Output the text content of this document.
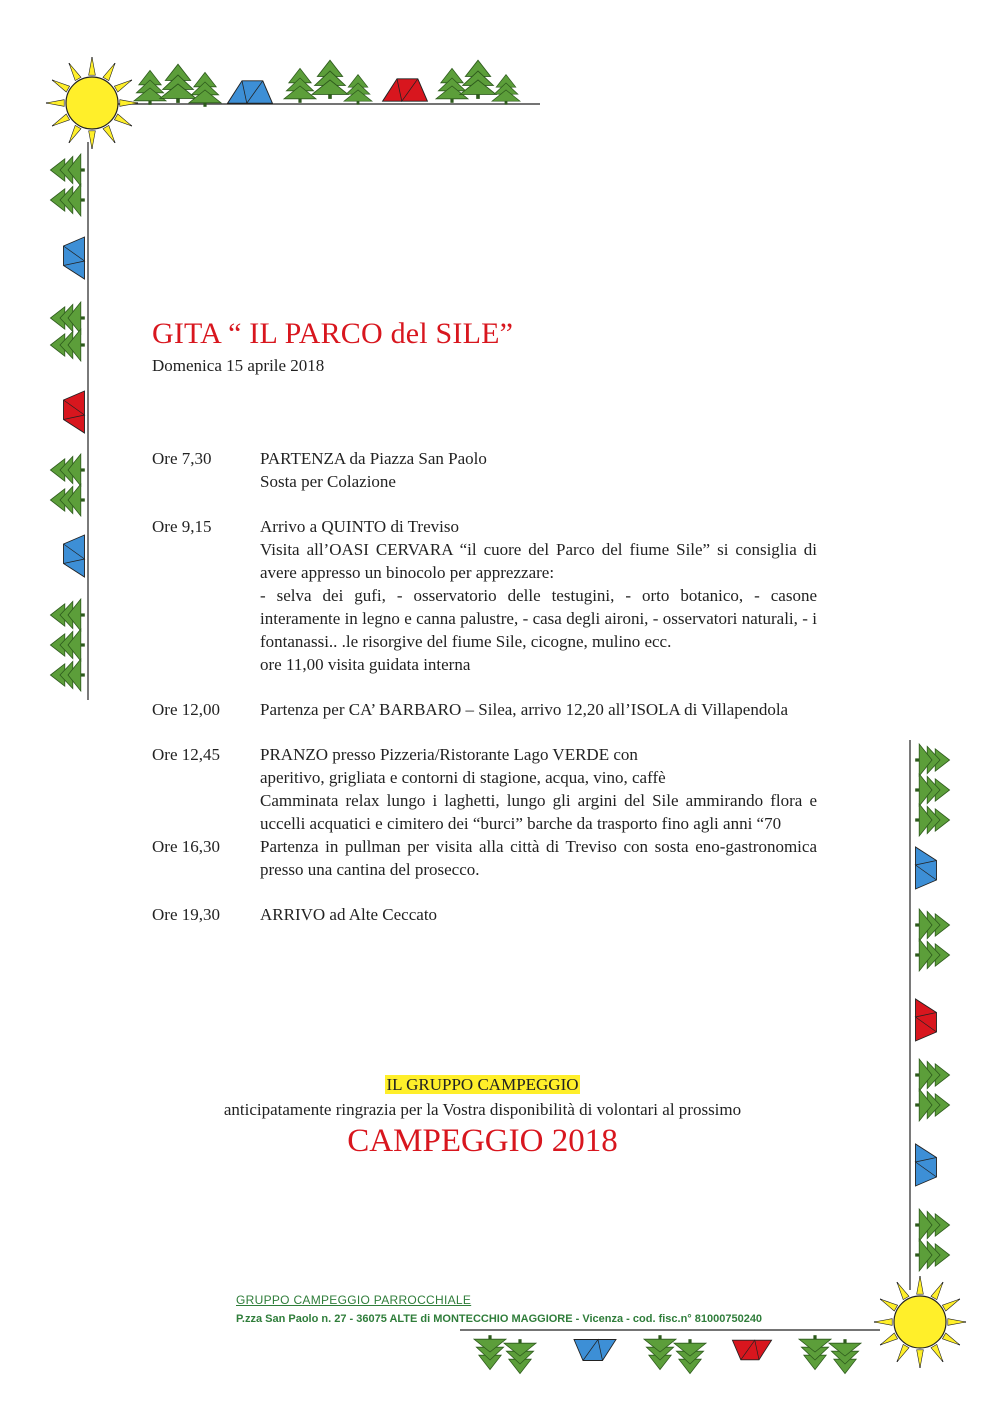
GITA “ IL PARCO del SILE”
Domenica 15 aprile 2018
Ore 7,30	PARTENZA da Piazza San Paolo
Sosta per Colazione
Ore 9,15	Arrivo a QUINTO di Treviso
Visita all’OASI CERVARA “il cuore del Parco del fiume Sile” si consiglia di avere appresso un binocolo per apprezzare:
- selva dei gufi, - osservatorio delle testugini, - orto botanico, - casone interamente in legno e canna palustre, - casa degli aironi, - osservatori naturali, - i fontanassi.. .le risorgive del fiume Sile, cicogne, mulino ecc.
ore 11,00 visita guidata interna
Ore 12,00	Partenza per CA’ BARBARO – Silea, arrivo 12,20 all’ISOLA di Villapendola
Ore 12,45	PRANZO presso Pizzeria/Ristorante Lago VERDE con
aperitivo, grigliata e contorni di stagione, acqua, vino, caffè
Camminata relax lungo i laghetti, lungo gli argini del Sile ammirando flora e uccelli acquatici e cimitero dei “burci” barche da trasporto fino agli anni “70
Ore 16,30	Partenza in pullman per visita alla città di Treviso con sosta eno-gastronomica presso una cantina del prosecco.
Ore 19,30	ARRIVO ad Alte Ceccato
IL GRUPPO CAMPEGGIO
anticipatamente ringrazia per la Vostra disponibilità di volontari al prossimo
CAMPEGGIO 2018
GRUPPO CAMPEGGIO PARROCCHIALE
P.zza San Paolo n. 27 - 36075 ALTE di MONTECCHIO MAGGIORE - Vicenza - cod. fisc.n° 81000750240
